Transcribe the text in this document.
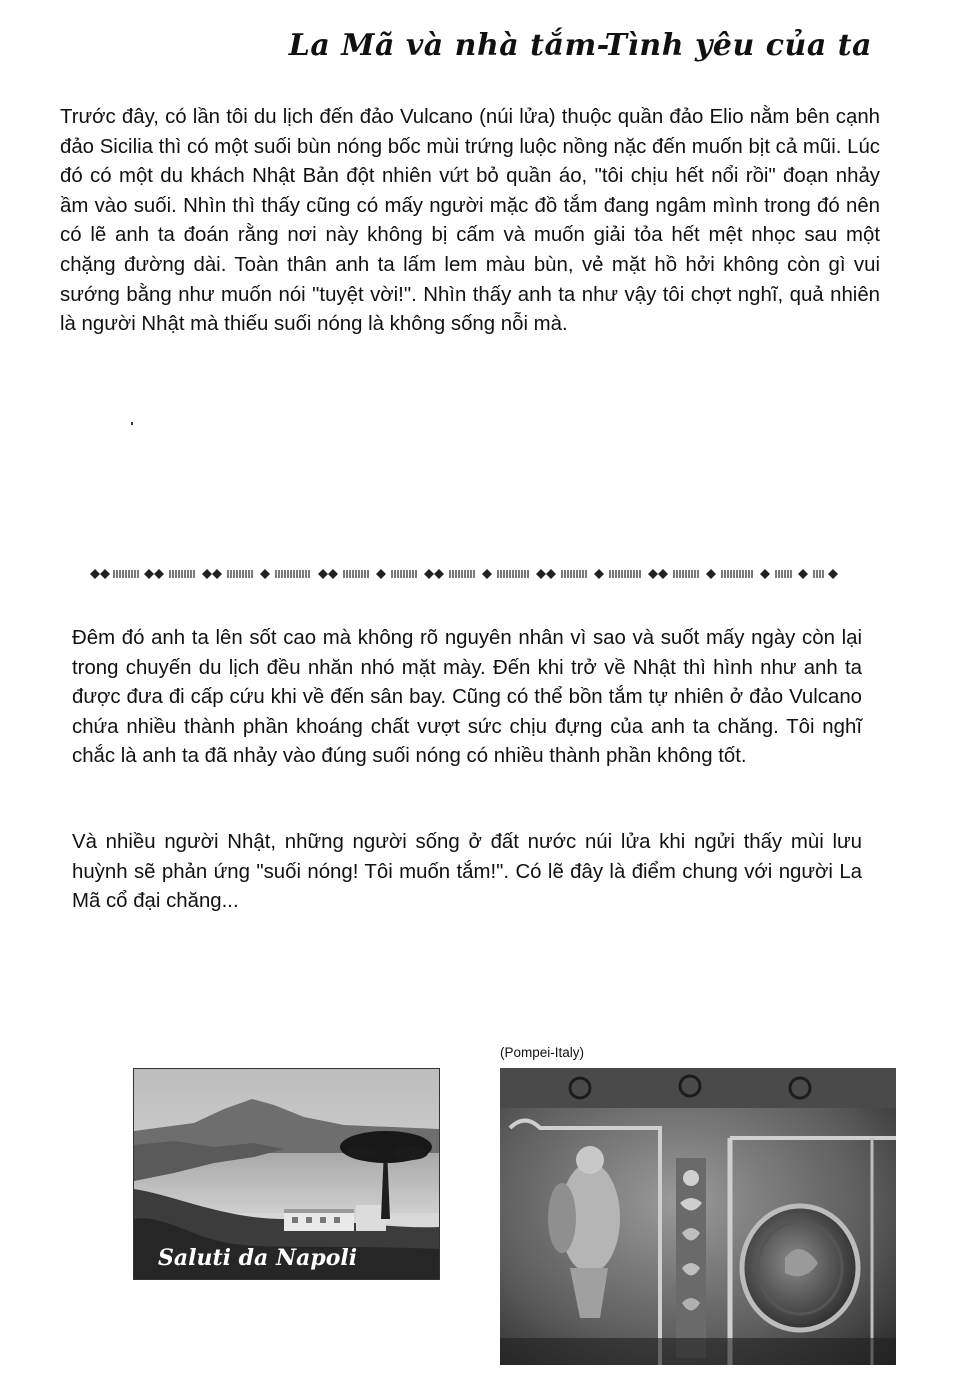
La Mã và nhà tắm-Tình yêu của ta

Trước đây, có lần tôi du lịch đến đảo Vulcano (núi lửa) thuộc quần đảo Elio nằm bên cạnh đảo Sicilia thì có một suối bùn nóng bốc mùi trứng luộc nồng nặc đến muốn bịt cả mũi. Lúc đó có một du khách Nhật Bản đột nhiên vứt bỏ quần áo, "tôi chịu hết nổi rồi" đoạn nhảy ầm vào suối. Nhìn thì thấy cũng có mấy người mặc đồ tắm đang ngâm mình trong đó nên có lẽ anh ta đoán rằng nơi này không bị cấm và muốn giải tỏa hết mệt nhọc sau một chặng đường dài. Toàn thân anh ta lấm lem màu bùn, vẻ mặt hồ hởi không còn gì vui sướng bằng như muốn nói "tuyệt vời!". Nhìn thấy anh ta như vậy tôi chợt nghĩ, quả nhiên là người Nhật mà thiếu suối nóng là không sống nỗi mà.

Đêm đó anh ta lên sốt cao mà không rõ nguyên nhân vì sao và suốt mấy ngày còn lại trong chuyến du lịch đều nhăn nhó mặt mày. Đến khi trở về Nhật thì hình như anh ta được đưa đi cấp cứu khi về đến sân bay. Cũng có thể bồn tắm tự nhiên ở đảo Vulcano chứa nhiều thành phần khoáng chất vượt sức chịu đựng của anh ta chăng. Tôi nghĩ chắc là anh ta đã nhảy vào đúng suối nóng có nhiều thành phần không tốt.

Và nhiều người Nhật, những người sống ở đất nước núi lửa khi ngửi thấy mùi lưu huỳnh sẽ phản ứng "suối nóng! Tôi muốn tắm!". Có lẽ đây là điểm chung với người La Mã cổ đại chăng...

(Pompei-Italy)
Saluti da Napoli
